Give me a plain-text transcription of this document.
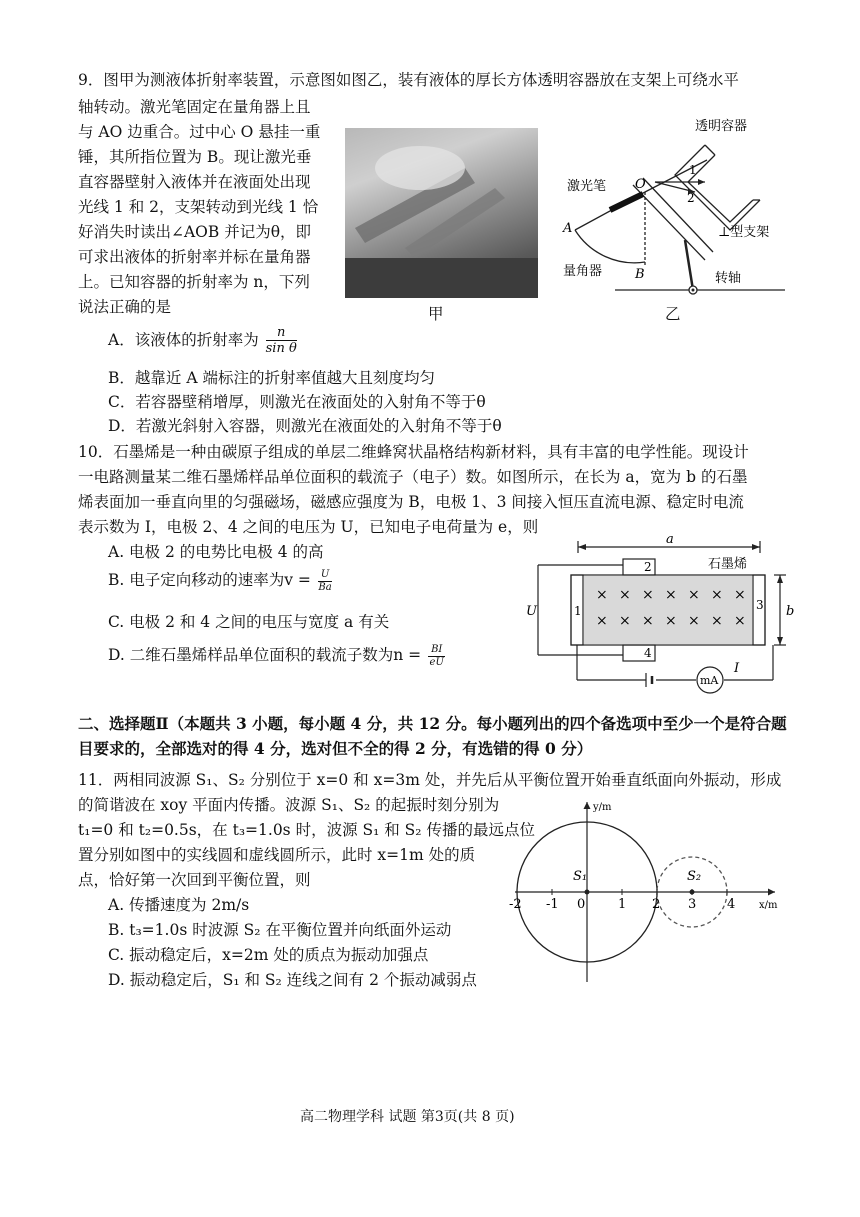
9．图甲为测液体折射率装置，示意图如图乙，装有液体的厚长方体透明容器放在支架上可绕水平
轴转动。激光笔固定在量角器上且
与 AO 边重合。过中心 O 悬挂一重
锤，其所指位置为 B。现让激光垂
直容器壁射入液体并在液面处出现
光线 1 和 2，支架转动到光线 1 恰
好消失时读出∠AOB 并记为θ，即
可求出液体的折射率并标在量角器
上。已知容器的折射率为 n，下列
说法正确的是	甲
透明容器
激光笔 O
A
B
1
2
⊥型支架
量角器	转轴
乙
A．该液体的折射率为 $\frac{n}{\text{sin θ}}$
B．越靠近 A 端标注的折射率值越大且刻度均匀
C．若容器壁稍增厚，则激光在液面处的入射角不等于θ
D．若激光斜射入容器，则激光在液面处的入射角不等于θ
10．石墨烯是一种由碳原子组成的单层二维蜂窝状晶格结构新材料，具有丰富的电学性能。现设计
一电路测量某二维石墨烯样品单位面积的载流子（电子）数。如图所示，在长为 a，宽为 b 的石墨
烯表面加一垂直向里的匀强磁场，磁感应强度为 B，电极 1、3 间接入恒压直流电源、稳定时电流
表示数为 I，电极 2、4 之间的电压为 U，已知电子电荷量为 e，则
A. 电极 2 的电势比电极 4 的高
B. 电子定向移动的速率为$v = \frac{U}{Ba}$
C. 电极 2 和 4 之间的电压与宽度 a 有关
D. 二维石墨烯样品单位面积的载流子数为$n = \frac{BI}{eU}$
a
b
石墨烯
U
I
mA
1
2
3
4
× × × × × × ×
× × × × × × ×
二、选择题Ⅱ（本题共 3 小题，每小题 4 分，共 12 分。每小题列出的四个备选项中至少一个是符合题
目要求的，全部选对的得 4 分，选对但不全的得 2 分，有选错的得 0 分）
11．两相同波源 S₁、S₂ 分别位于 x=0 和 x=3m 处，并先后从平衡位置开始垂直纸面向外振动，形成
的简谐波在 xoy 平面内传播。波源 S₁、S₂ 的起振时刻分别为
t₁=0 和 t₂=0.5s，在 t₃=1.0s 时，波源 S₁ 和 S₂ 传播的最远点位
置分别如图中的实线圆和虚线圆所示，此时 x=1m 处的质
点，恰好第一次回到平衡位置，则
A. 传播速度为 2m/s
B. t₃=1.0s 时波源 S₂ 在平衡位置并向纸面外运动
C. 振动稳定后，x=2m 处的质点为振动加强点
D. 振动稳定后，S₁ 和 S₂ 连线之间有 2 个振动减弱点
y/m
x/m
S₁	S₂
-2 -1 0	1 2 3 4
高二物理学科 试题 第3页(共 8 页)
